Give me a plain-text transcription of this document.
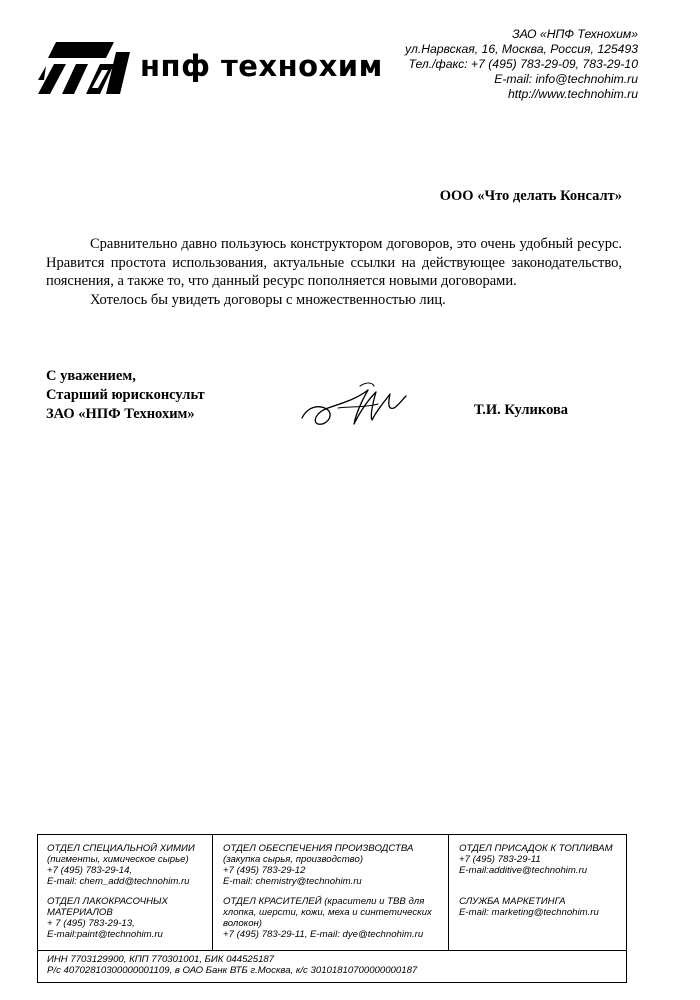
нпф технохим
ЗАО «НПФ Технохим»
ул.Нарвская, 16, Москва, Россия, 125493
Тел./факс: +7 (495) 783-29-09, 783-29-10
E-mail: info@technohim.ru
http://www.technohim.ru
ООО «Что делать Консалт»

Сравнительно давно пользуюсь конструктором договоров, это очень удобный ресурс. Нравится простота использования, актуальные ссылки на действующее законодательство, пояснения, а также то, что данный ресурс пополняется новыми договорами.

Хотелось бы увидеть договоры с множественностью лиц.

С уважением,
Старший юрисконсульт
ЗАО «НПФ Технохим»	Т.И. Куликова
ОТДЕЛ СПЕЦИАЛЬНОЙ ХИМИИ
(пигменты, химическое сырье)
+7 (495) 783-29-14,
E-mail: chem_add@technohim.ru
ОТДЕЛ ЛАКОКРАСОЧНЫХ
МАТЕРИАЛОВ
+ 7 (495) 783-29-13,
E-mail:paint@technohim.ru
ОТДЕЛ ОБЕСПЕЧЕНИЯ ПРОИЗВОДСТВА
(закупка сырья, производство)
+7 (495) 783-29-12
E-mail: chemistry@technohim.ru
ОТДЕЛ КРАСИТЕЛЕЙ (красители и ТВВ для
хлопка, шерсти, кожи, меха и синтетических
волокон)
+7 (495) 783-29-11, E-mail: dye@technohim.ru
ОТДЕЛ ПРИСАДОК К ТОПЛИВАМ
+7 (495) 783-29-11
E-mail:additive@technohim.ru
СЛУЖБА МАРКЕТИНГА
E-mail: marketing@technohim.ru
ИНН 7703129900, КПП 770301001, БИК 044525187
Р/с 40702810300000001109, в ОАО Банк ВТБ г.Москва, к/с 30101810700000000187
